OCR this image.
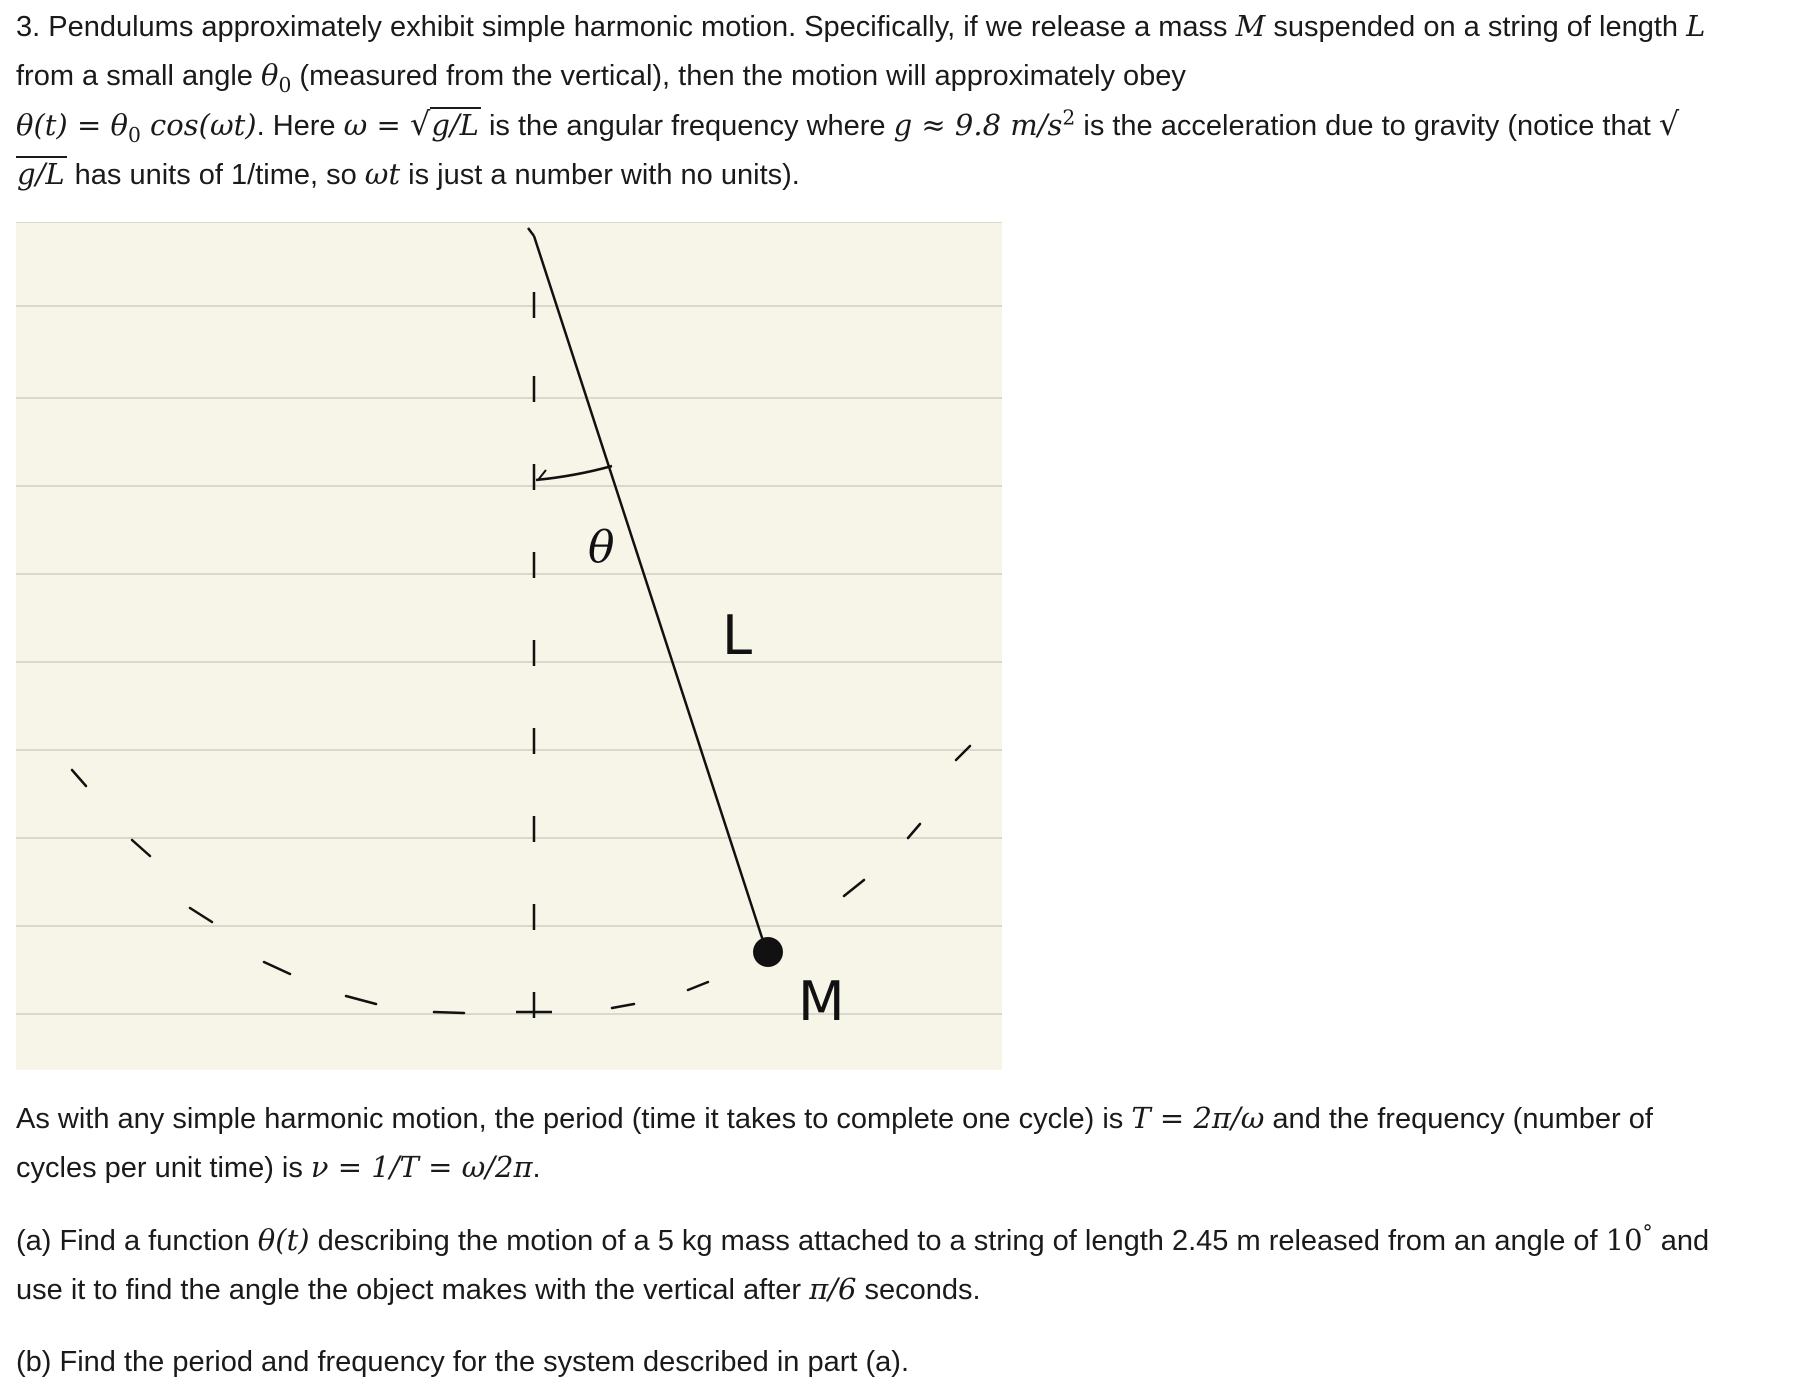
3. Pendulums approximately exhibit simple harmonic motion. Specifically, if we release a mass M suspended on a string of length L from a small angle $\theta_0$ (measured from the vertical), then the motion will approximately obey
$\theta(t) = \theta_0$ cos(ωt). Here ω = √g/L is the angular frequency where g ≈ 9.8 $m/s^2$ is the acceleration due to gravity (notice that √g/L has units of 1/time, so ωt is just a number with no units).

θ
L
M

As with any simple harmonic motion, the period (time it takes to complete one cycle) is T = 2π/ω and the frequency (number of cycles per unit time) is ν = 1/T = ω/2π.

(a) Find a function θ(t) describing the motion of a 5 kg mass attached to a string of length 2.45 m released from an angle of 10° and use it to find the angle the object makes with the vertical after π/6 seconds.

(b) Find the period and frequency for the system described in part (a).
